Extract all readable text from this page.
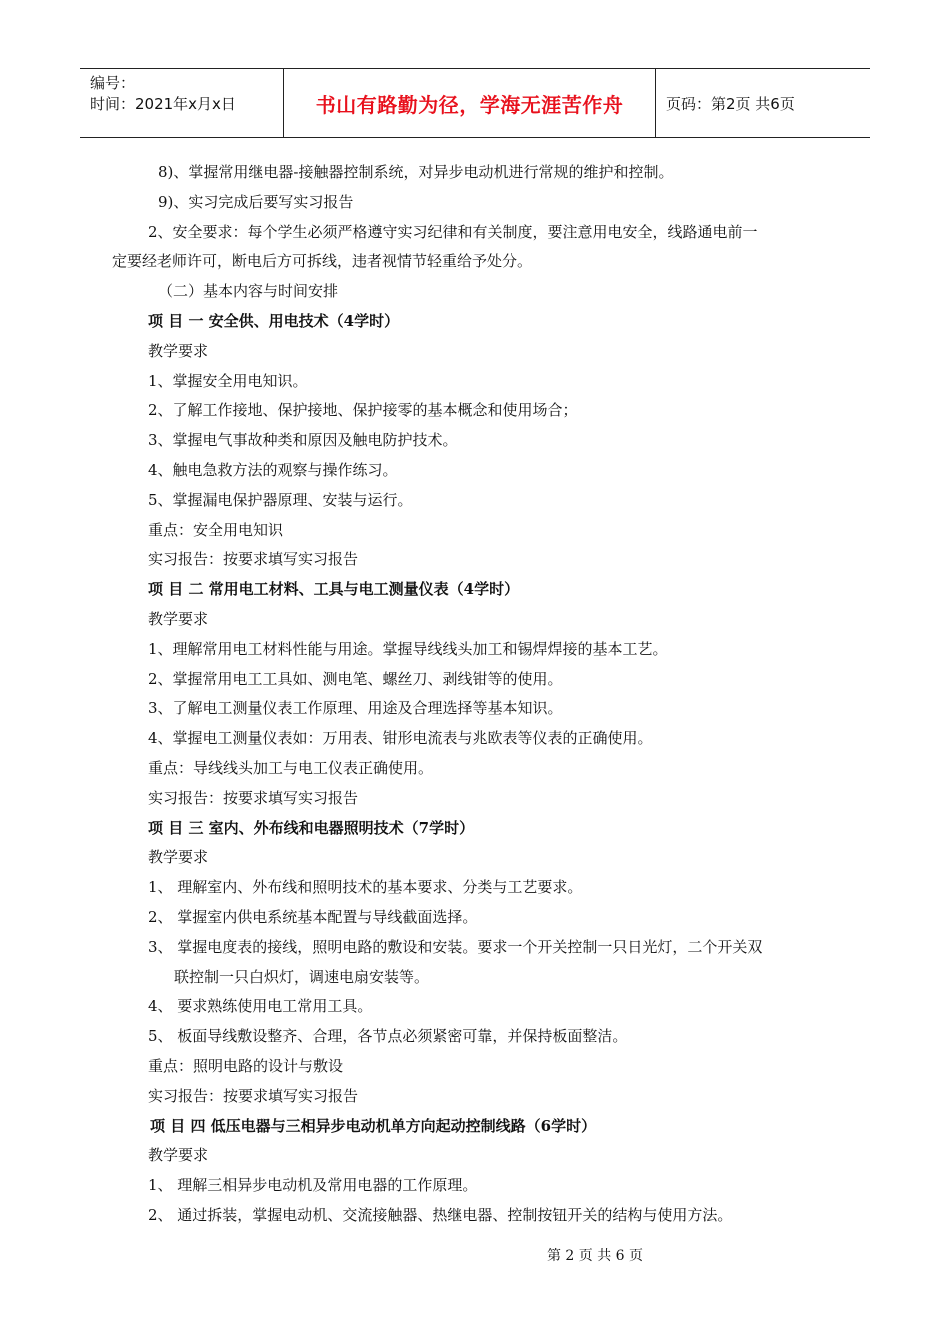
编号：
时间：2021年x月x日	书山有路勤为径，学海无涯苦作舟	页码：第2页 共6页
8)、掌握常用继电器-接触器控制系统，对异步电动机进行常规的维护和控制。
9)、实习完成后要写实习报告
2、安全要求：每个学生必须严格遵守实习纪律和有关制度，要注意用电安全，线路通电前一
定要经老师许可，断电后方可拆线，违者视情节轻重给予处分。
（二）基本内容与时间安排
项 目 一 安全供、用电技术（4学时）
教学要求
1、掌握安全用电知识。
2、了解工作接地、保护接地、保护接零的基本概念和使用场合；
3、掌握电气事故种类和原因及触电防护技术。
4、触电急救方法的观察与操作练习。
5、掌握漏电保护器原理、安装与运行。
重点：安全用电知识
实习报告：按要求填写实习报告
项 目 二 常用电工材料、工具与电工测量仪表（4学时）
教学要求
1、理解常用电工材料性能与用途。掌握导线线头加工和锡焊焊接的基本工艺。
2、掌握常用电工工具如、测电笔、螺丝刀、剥线钳等的使用。
3、了解电工测量仪表工作原理、用途及合理选择等基本知识。
4、掌握电工测量仪表如：万用表、钳形电流表与兆欧表等仪表的正确使用。
重点：导线线头加工与电工仪表正确使用。
实习报告：按要求填写实习报告
项 目 三 室内、外布线和电器照明技术（7学时）
教学要求
1、 理解室内、外布线和照明技术的基本要求、分类与工艺要求。
2、 掌握室内供电系统基本配置与导线截面选择。
3、 掌握电度表的接线，照明电路的敷设和安装。要求一个开关控制一只日光灯，二个开关双
联控制一只白炽灯，调速电扇安装等。
4、 要求熟练使用电工常用工具。
5、 板面导线敷设整齐、合理，各节点必须紧密可靠，并保持板面整洁。
重点：照明电路的设计与敷设
实习报告：按要求填写实习报告
项 目 四 低压电器与三相异步电动机单方向起动控制线路（6学时）
教学要求
1、 理解三相异步电动机及常用电器的工作原理。
2、 通过拆装，掌握电动机、交流接触器、热继电器、控制按钮开关的结构与使用方法。
第 2 页 共 6 页
